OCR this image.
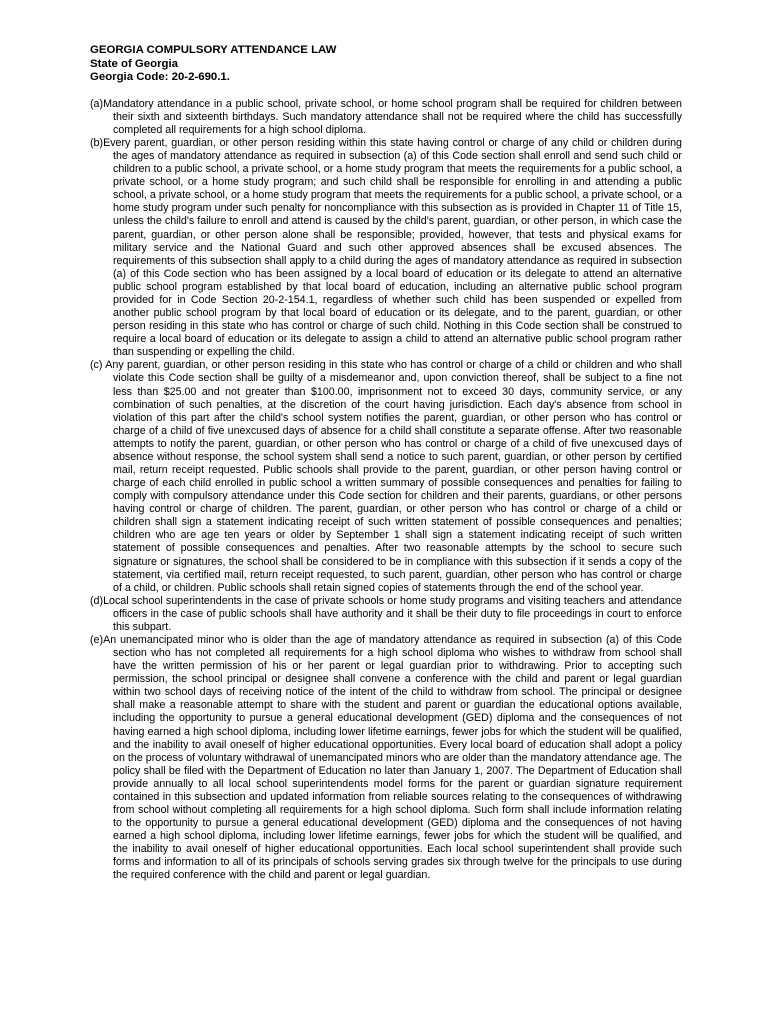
GEORGIA COMPULSORY ATTENDANCE LAW

State of Georgia

Georgia Code: 20-2-690.1.

(a)Mandatory attendance in a public school, private school, or home school program shall be required for children between their sixth and sixteenth birthdays. Such mandatory attendance shall not be required where the child has successfully completed all requirements for a high school diploma.

(b)Every parent, guardian, or other person residing within this state having control or charge of any child or children during the ages of mandatory attendance as required in subsection (a) of this Code section shall enroll and send such child or children to a public school, a private school, or a home study program that meets the requirements for a public school, a private school, or a home study program; and such child shall be responsible for enrolling in and attending a public school, a private school, or a home study program that meets the requirements for a public school, a private school, or a home study program under such penalty for noncompliance with this subsection as is provided in Chapter 11 of Title 15, unless the child's failure to enroll and attend is caused by the child's parent, guardian, or other person, in which case the parent, guardian, or other person alone shall be responsible; provided, however, that tests and physical exams for military service and the National Guard and such other approved absences shall be excused absences. The requirements of this subsection shall apply to a child during the ages of mandatory attendance as required in subsection (a) of this Code section who has been assigned by a local board of education or its delegate to attend an alternative public school program established by that local board of education, including an alternative public school program provided for in Code Section 20-2-154.1, regardless of whether such child has been suspended or expelled from another public school program by that local board of education or its delegate, and to the parent, guardian, or other person residing in this state who has control or charge of such child. Nothing in this Code section shall be construed to require a local board of education or its delegate to assign a child to attend an alternative public school program rather than suspending or expelling the child.

(c) Any parent, guardian, or other person residing in this state who has control or charge of a child or children and who shall violate this Code section shall be guilty of a misdemeanor and, upon conviction thereof, shall be subject to a fine not less than $25.00 and not greater than $100.00, imprisonment not to exceed 30 days, community service, or any combination of such penalties, at the discretion of the court having jurisdiction. Each day's absence from school in violation of this part after the child's school system notifies the parent, guardian, or other person who has control or charge of a child of five unexcused days of absence for a child shall constitute a separate offense. After two reasonable attempts to notify the parent, guardian, or other person who has control or charge of a child of five unexcused days of absence without response, the school system shall send a notice to such parent, guardian, or other person by certified mail, return receipt requested. Public schools shall provide to the parent, guardian, or other person having control or charge of each child enrolled in public school a written summary of possible consequences and penalties for failing to comply with compulsory attendance under this Code section for children and their parents, guardians, or other persons having control or charge of children. The parent, guardian, or other person who has control or charge of a child or children shall sign a statement indicating receipt of such written statement of possible consequences and penalties; children who are age ten years or older by September 1 shall sign a statement indicating receipt of such written statement of possible consequences and penalties. After two reasonable attempts by the school to secure such signature or signatures, the school shall be considered to be in compliance with this subsection if it sends a copy of the statement, via certified mail, return receipt requested, to such parent, guardian, other person who has control or charge of a child, or children. Public schools shall retain signed copies of statements through the end of the school year.

(d)Local school superintendents in the case of private schools or home study programs and visiting teachers and attendance officers in the case of public schools shall have authority and it shall be their duty to file proceedings in court to enforce this subpart.

(e)An unemancipated minor who is older than the age of mandatory attendance as required in subsection (a) of this Code section who has not completed all requirements for a high school diploma who wishes to withdraw from school shall have the written permission of his or her parent or legal guardian prior to withdrawing. Prior to accepting such permission, the school principal or designee shall convene a conference with the child and parent or legal guardian within two school days of receiving notice of the intent of the child to withdraw from school. The principal or designee shall make a reasonable attempt to share with the student and parent or guardian the educational options available, including the opportunity to pursue a general educational development (GED) diploma and the consequences of not having earned a high school diploma, including lower lifetime earnings, fewer jobs for which the student will be qualified, and the inability to avail oneself of higher educational opportunities. Every local board of education shall adopt a policy on the process of voluntary withdrawal of unemancipated minors who are older than the mandatory attendance age. The policy shall be filed with the Department of Education no later than January 1, 2007. The Department of Education shall provide annually to all local school superintendents model forms for the parent or guardian signature requirement contained in this subsection and updated information from reliable sources relating to the consequences of withdrawing from school without completing all requirements for a high school diploma. Such form shall include information relating to the opportunity to pursue a general educational development (GED) diploma and the consequences of not having earned a high school diploma, including lower lifetime earnings, fewer jobs for which the student will be qualified, and the inability to avail oneself of higher educational opportunities. Each local school superintendent shall provide such forms and information to all of its principals of schools serving grades six through twelve for the principals to use during the required conference with the child and parent or legal guardian.
